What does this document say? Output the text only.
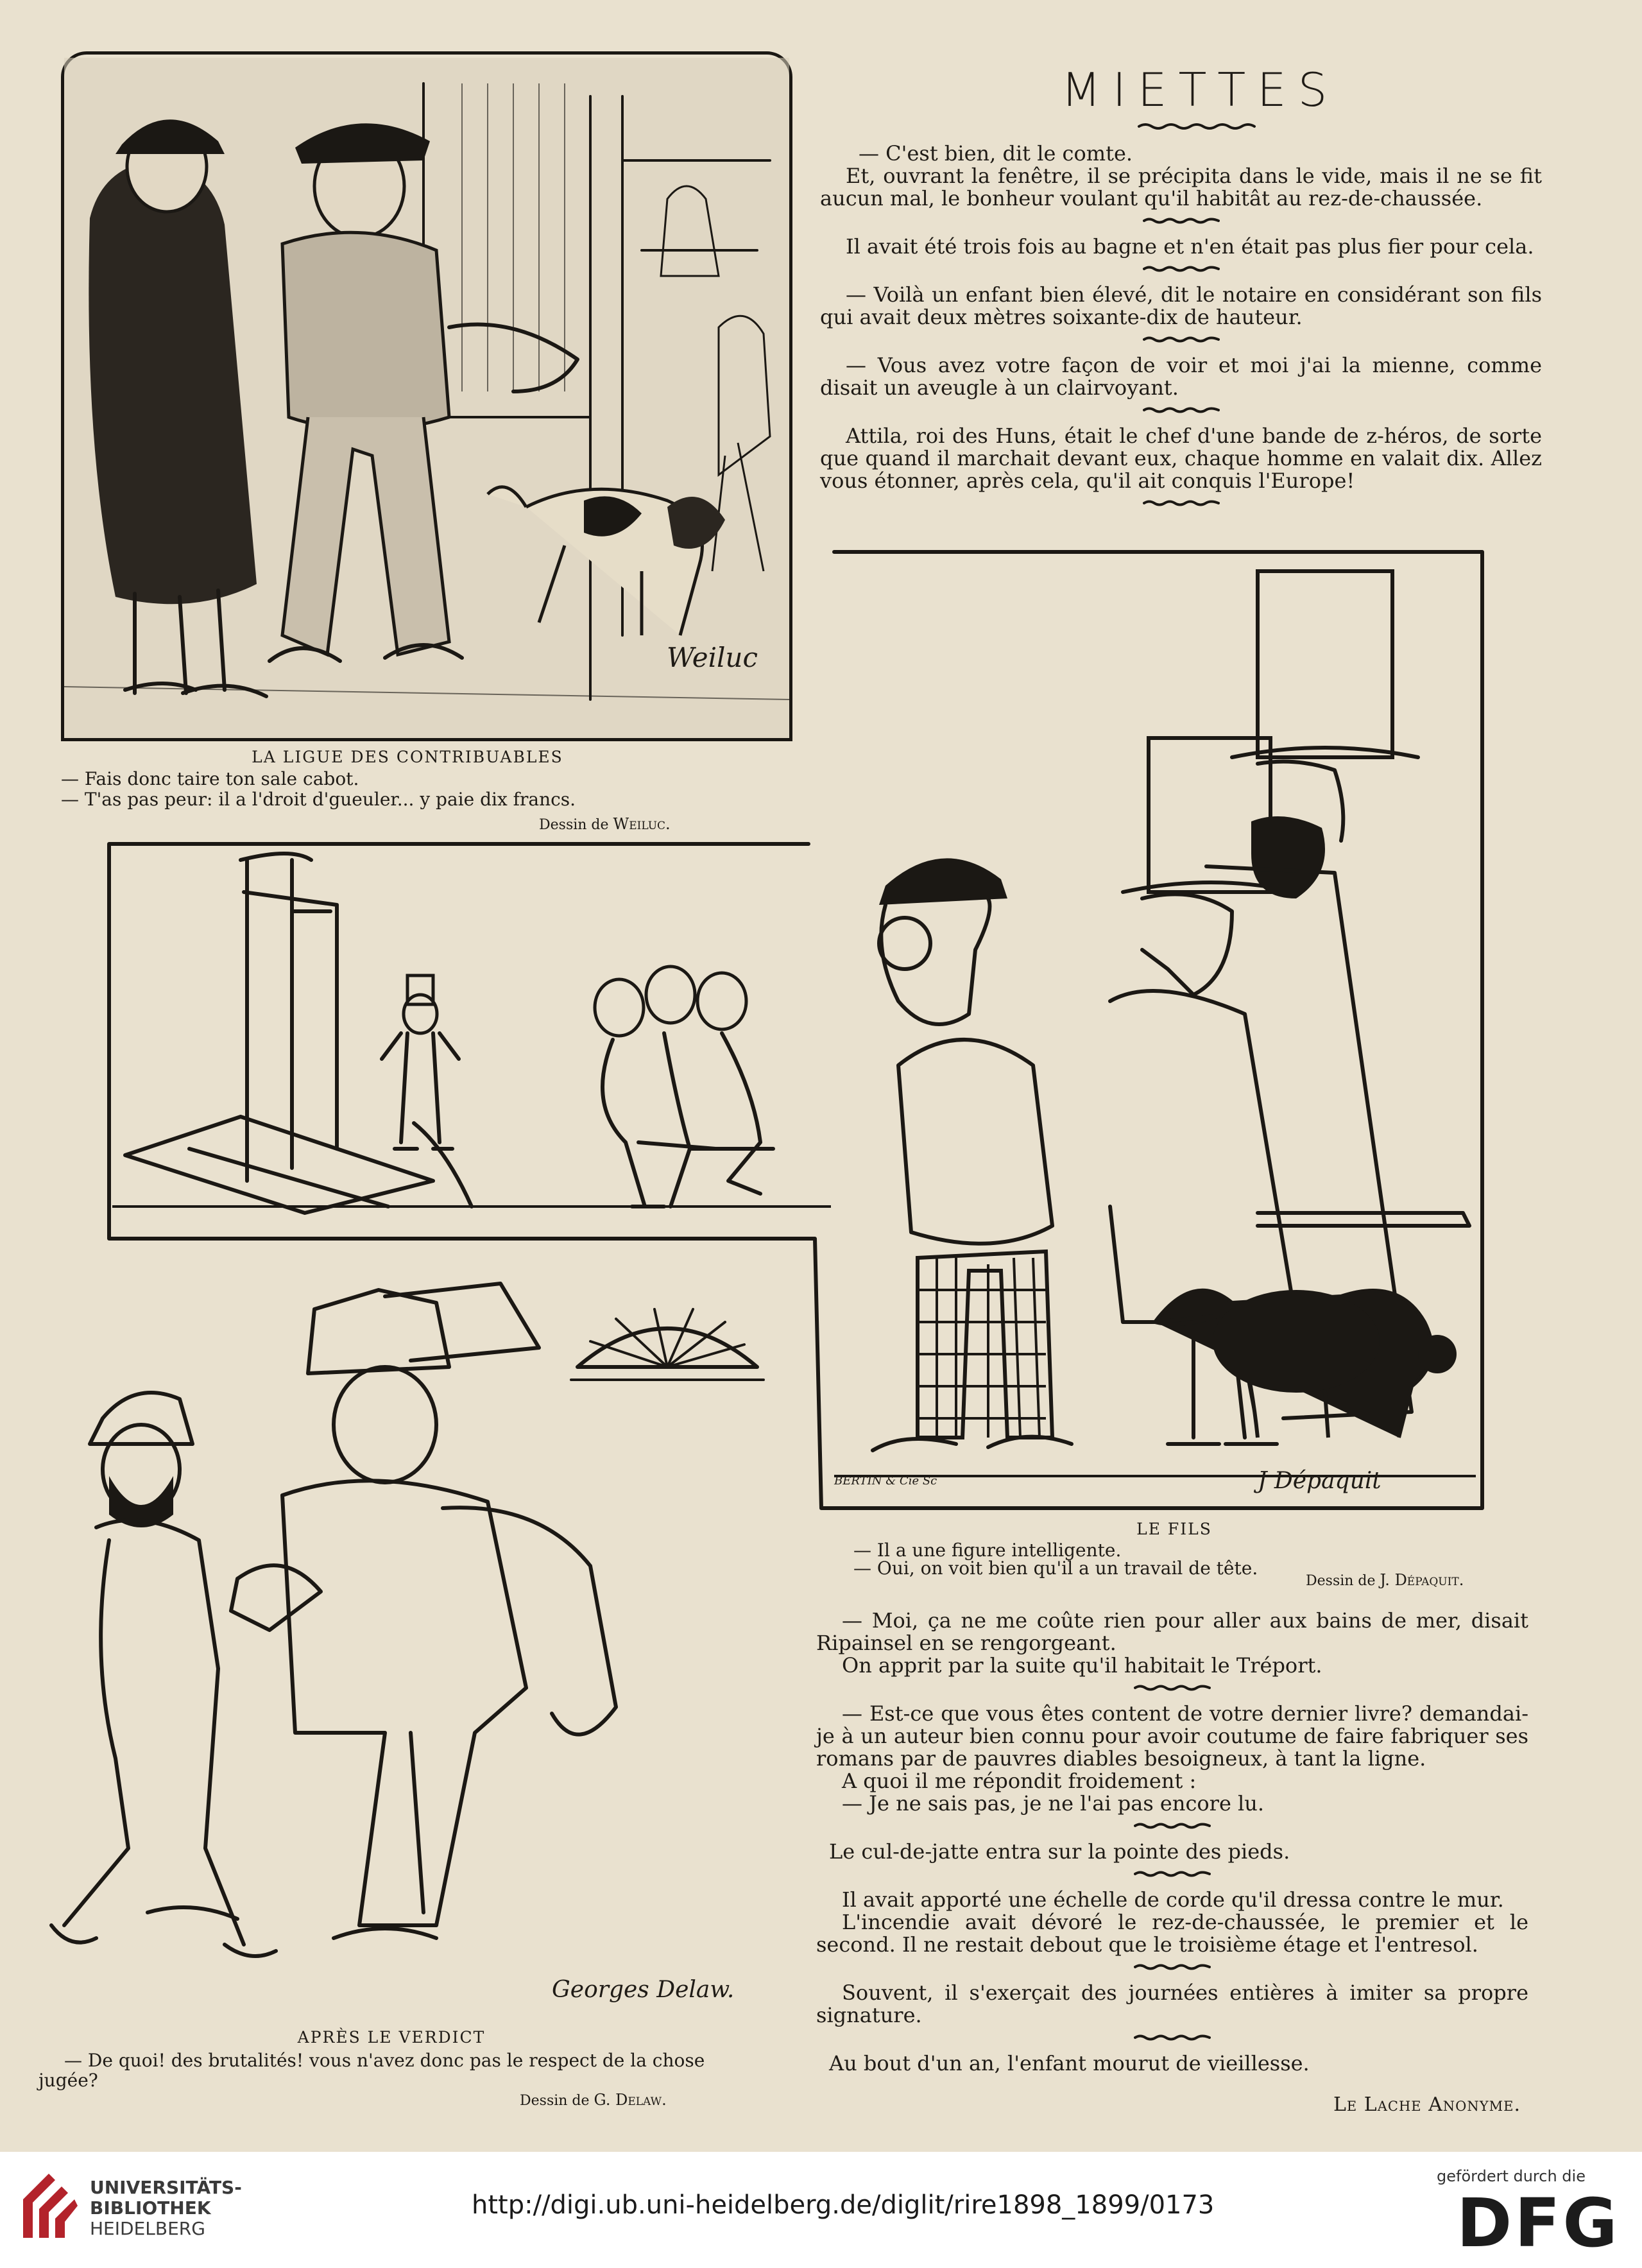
MIETTES

— C'est bien, dit le comte.

Et, ouvrant la fenêtre, il se précipita dans le vide, mais il ne se fit aucun mal, le bonheur voulant qu'il habitât au rez-de-chaussée.

Il avait été trois fois au bagne et n'en était pas plus fier pour cela.

— Voilà un enfant bien élevé, dit le notaire en considérant son fils qui avait deux mètres soixante-dix de hauteur.

— Vous avez votre façon de voir et moi j'ai la mienne, comme disait un aveugle à un clairvoyant.

Attila, roi des Huns, était le chef d'une bande de z-héros, de sorte que quand il marchait devant eux, chaque homme en valait dix. Allez vous étonner, après cela, qu'il ait conquis l'Europe!

Weiluc
LA LIGUE DES CONTRIBUABLES
— Fais donc taire ton sale cabot.
— T'as pas peur: il a l'droit d'gueuler... y paie dix francs.
Dessin de Weiluc.
BERTIN & Cie Sc	J Dépaquit
LE FILS
— Il a une figure intelligente.
— Oui, on voit bien qu'il a un travail de tête.
Dessin de J. Dépaquit.
Georges Delaw.
APRÈS LE VERDICT
— De quoi! des brutalités! vous n'avez donc pas le respect de la chose jugée?
Dessin de G. Delaw.

— Moi, ça ne me coûte rien pour aller aux bains de mer, disait Ripainsel en se rengorgeant.

On apprit par la suite qu'il habitait le Tréport.

— Est-ce que vous êtes content de votre dernier livre? demandai-je à un auteur bien connu pour avoir coutume de faire fabriquer ses romans par de pauvres diables besoigneux, à tant la ligne.

A quoi il me répondit froidement :

— Je ne sais pas, je ne l'ai pas encore lu.

Le cul-de-jatte entra sur la pointe des pieds.

Il avait apporté une échelle de corde qu'il dressa contre le mur.

L'incendie avait dévoré le rez-de-chaussée, le premier et le second. Il ne restait debout que le troisième étage et l'entresol.

Souvent, il s'exerçait des journées entières à imiter sa propre signature.

Au bout d'un an, l'enfant mourut de vieillesse.

Le Lache Anonyme.
UNIVERSITÄTS-
BIBLIOTHEK
HEIDELBERG
http://digi.ub.uni-heidelberg.de/diglit/rire1898_1899/0173
gefördert durch die
DFG
